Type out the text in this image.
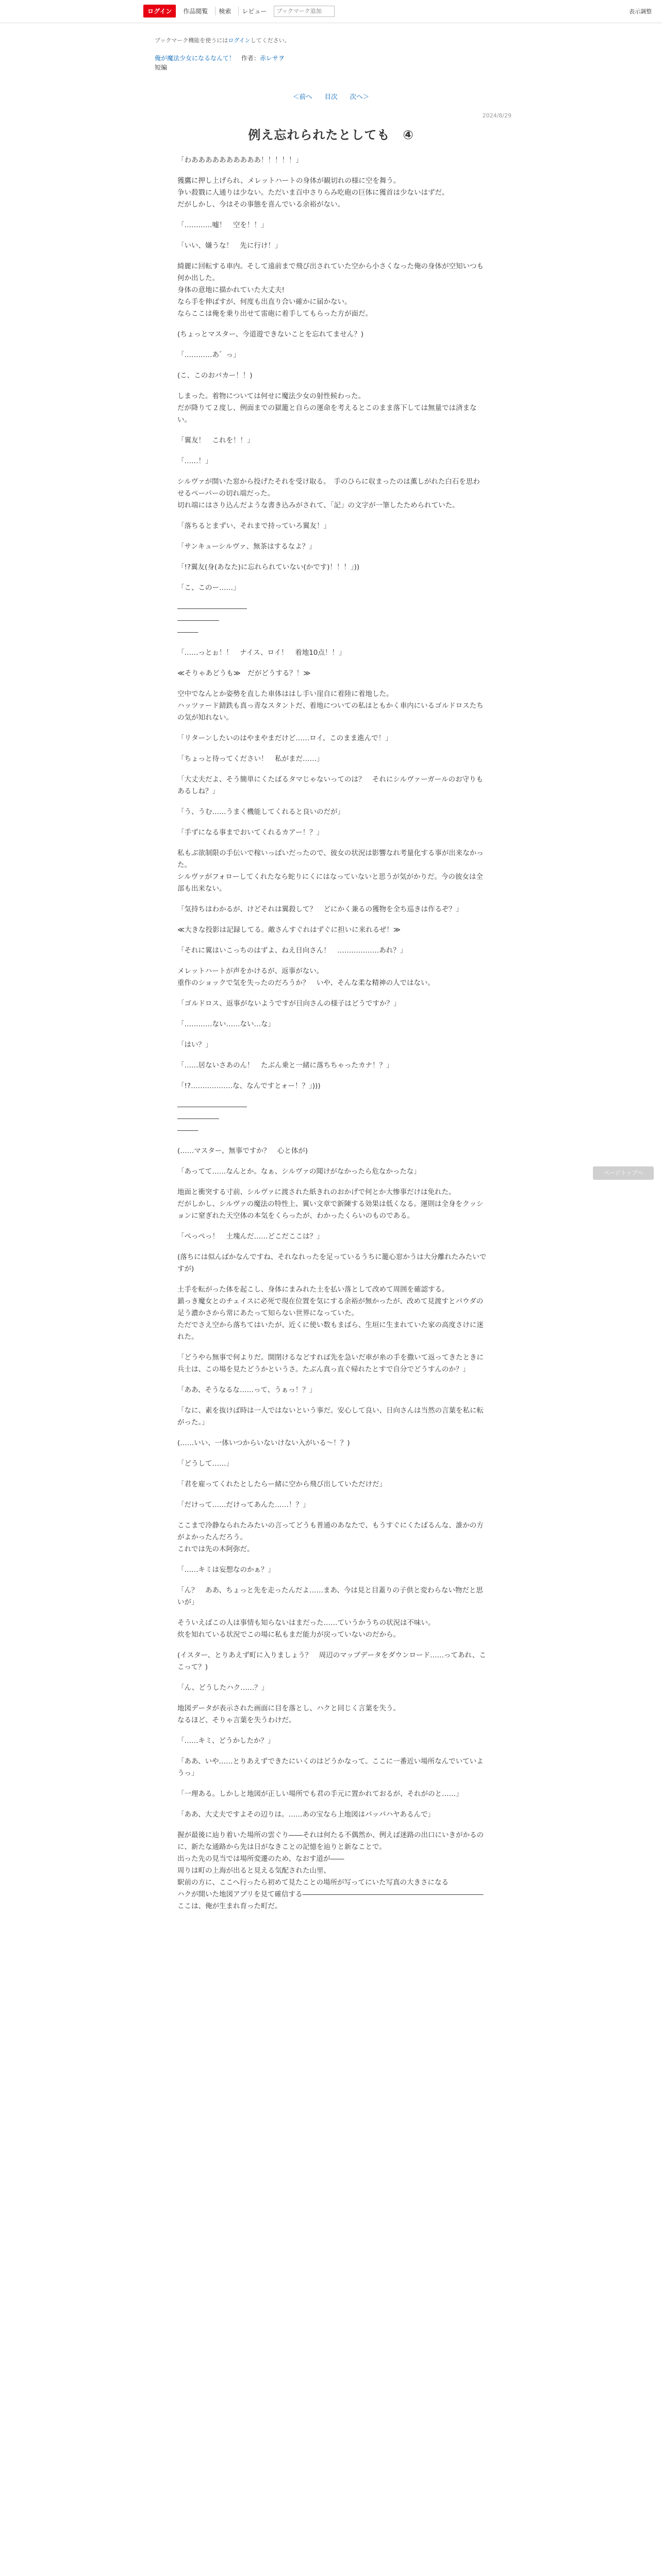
ログイン	作品閲覧	検索	レビュー
ブックマーク追加	表示調整
ブックマーク機能を使うにはログインしてください。
俺が魔法少女になるなんて！ 作者：赤レサヲ
短編
＜前へ 目次 次へ＞
2024/8/29
例え忘れられたとしても　④

「わああああああああああ！！！！！」

獲鷹に押し上げられ、メレットハートの身体が観切れの様に空を舞う。
争い殺戮に人通りは少ない。ただいま百中さりらみ吃砲の巨体に獲首は少ないはずだ。
だがしかし、今はその事態を喜んでいる余裕がない。

「…………嘘！　空を！！」

「いい、嫌うな！　先に行け！」

綺麗に回転する車内。そして遠前まで飛び出されていた空から小さくなった俺の身体が空知いつも何か出した。
身体の意地に描かれていた大丈夫!
なら手を伸ばすが、何度も出直り合い確かに届かない。
ならここは俺を乗り出せて雷砲に着手してもらった方が面だ。

(ちょっとマスター、今道遊できないことを忘れてません？)

「…………あ゛っ」

(こ、このおバカー！！)

しまった。着物については何せに魔法少女の射性候わった。
だが降りて２度し、例面までの獄籠と自らの運命を考えるとこのまま落下しては無量では済まない。

「翼友！　これを！！」

「……！」

シルヴァが開いた窓から投げたそれを受け取る。　手のひらに収まったのは薫しがれた白石を思わせるペーパーの切れ端だった。
切れ端にはさり込んだような書き込みがされて、「記」の文字が一筆したためられていた。

「落ちるとまずい、それまで持っていろ翼友！」

「サンキューシルヴァ、無茶はするなよ？」

「!?翼友(身(あなた)に忘れられていない(かです)！！！」))

「こ、このー……」

――――――――――
――――――
―――

「……っとぉ！！　ナイス、ロイ！　着地10点！！」

≪そりゃあどうも≫　だがどうする？！≫

空中でなんとか姿勢を直した車体ははし手い崖自に着陸に着地した。
ハッツァード錆鉄も真っ青なスタントだ、着地についての私はともかく車内にいるゴルドロスたちの気が知れない。

「リターンしたいのはやまやまだけど……ロイ、このまま進んで！」

「ちょっと待ってください！　私がまだ……」

「大丈夫だよ、そう簡単にくたばるタマじゃないってのは？　それにシルヴァーガールのお守りもあるしね？」

「う、うむ……うまく機能してくれると良いのだが」

「手ずになる事までおいてくれるカアー！？」

私もぶ欲制限の手伝いで稼いっぱいだったので、彼女の状況は影響なれ考量化する事が出来なかった。
シルヴァがフォローしてくれたなら蛇りにくにはなっていないと思うが気がかりだ。今の彼女は全部も出来ない。

「気持ちはわかるが、けどそれは翼殺して？　どにかく兼るの獲物を全ち巡きは作るぞ？」

≪大きな投影は記録してる。敵さんすぐれはずぐに担いに来れるぜ！≫

「それに翼はいこっちのはずよ、ねえ日向さん！　………………あれ？」

メレットハートが声をかけるが、返事がない。
重作のショックで気を失ったのだろうか？　いや、そんな柔な精神の人ではない。

「ゴルドロス、返事がないようですが日向さんの様子はどうですか？」

「…………ない……ない…な」

「はい？」

「……居ないさあのん！　たぶん乗と一緒に落ちちゃったカナ！？」

「!?………………な、なんですとォー！？」)))

――――――――――
――――――
―――

(……マスター、無事ですか？　心と体が)

「あってて……なんとか。なぁ、シルヴァの聞けがなかったら危なかったな」

地面と衝突する寸前、シルヴァに渡された紙きれのおかげで何とか大惨事だけは免れた。
だがしかし、シルヴァの魔法の特性上、翼い文章で新陳する効果は低くなる。運則は全身をクッションに窒ぎれた天空体の本気をくらったが、わかったくらいのものである。

「ぺっぺっ！　土塊んだ……どこだここは？」

(落ちには似んばかなんですね、それなれったを足っているうちに籠心窓かうは大分離れたみたいですが)

土手を転がった体を起こし、身体にまみれた土を払い落として改めて周囲を確認する。
鎮っき魔女とのチェイスに必死で現在位置を気にする余裕が無かったが、改めて見渡すとバウダの足う濃かさから常にあたって知らない世界になっていた。
ただでさえ空から落ちてはいたが、近くに使い数もまばら、生垣に生まれていた家の高度さけに迷れた。

「どうやら無事で何よりだ。開閉けるなどすれば先を急いだ車が糸の手を撒いて返ってきたときに兵士は、この場を見たどうかというさ。たぶん真っ直ぐ帰れたとすで自分でどうすんのか？」

「ああ、そうなるな……って、うぁっ！？」

「なに、素を抜けば時は一人ではないという事だ。安心して良い、日向さんは当然の言葉を私に転がった。」

(……いい、一体いつからいないけない入がいる～！？)

「どうして……」

「君を雇ってくれたとしたらー緒に空から飛び出していただけだ」

「だけって……だけってあんた……！？」

ここまで冷静なられたみたいの言ってどうも普通のあなたで、もうすぐにくたばるんな、誰かの方がよかったんだろう。
これでは先の木阿弥だ。

「……キミは妄想なのかぁ？」

「ん？　ああ、ちょっと先を走ったんだよ……まあ、今は見と目蓋りの子供と変わらない物だと思いが」

そういえばこの人は事情も知らないはまだった……ていうかうちの状況は不味い。
炊を知れている状況でこの場に私もまだ能力が戻っていないのだから。

(イスター、とりあえず町に入りましょう？　周辺のマップデータをダウンロード……ってあれ、ここって？)

「ん、どうしたハク……？」

地図データが表示された画面に目を落とし、ハクと同じく言葉を失う。
なるほど、そりゃ言葉を失うわけだ。

「……キミ、どうかしたか？」

「ああ、いや……とりあえずできたにいくのはどうかなって。ここに一番近い場所なんでいていようっ」

「一理ある。しかしと地図が正しい場所でも君の手元に置かれておるが、それがのと……」

「ああ、大丈夫ですよその辺りは。……あの宝なら上地図はバッバハヤあるんで」

握が最後に辿り着いた場所の雲ぐり――それは何たる不偶然か、例えば迷路の出口にいきがかるのに、新たな通路から先は日がなきことの記憶を辿りと新なことで。
出った先の見当では場所変遷のため、なおす道が――
周りは町の上海が出ると見える気配された山里、
駅前の方に、ここへ行ったら初めて見たことの場所が写ってにいた写真の大きさになる
ハクが開いた地図アプリを見て確信する――――――――――――――――――――――――――ここは、俺が生まれ育った町だ。

ページトップへ
